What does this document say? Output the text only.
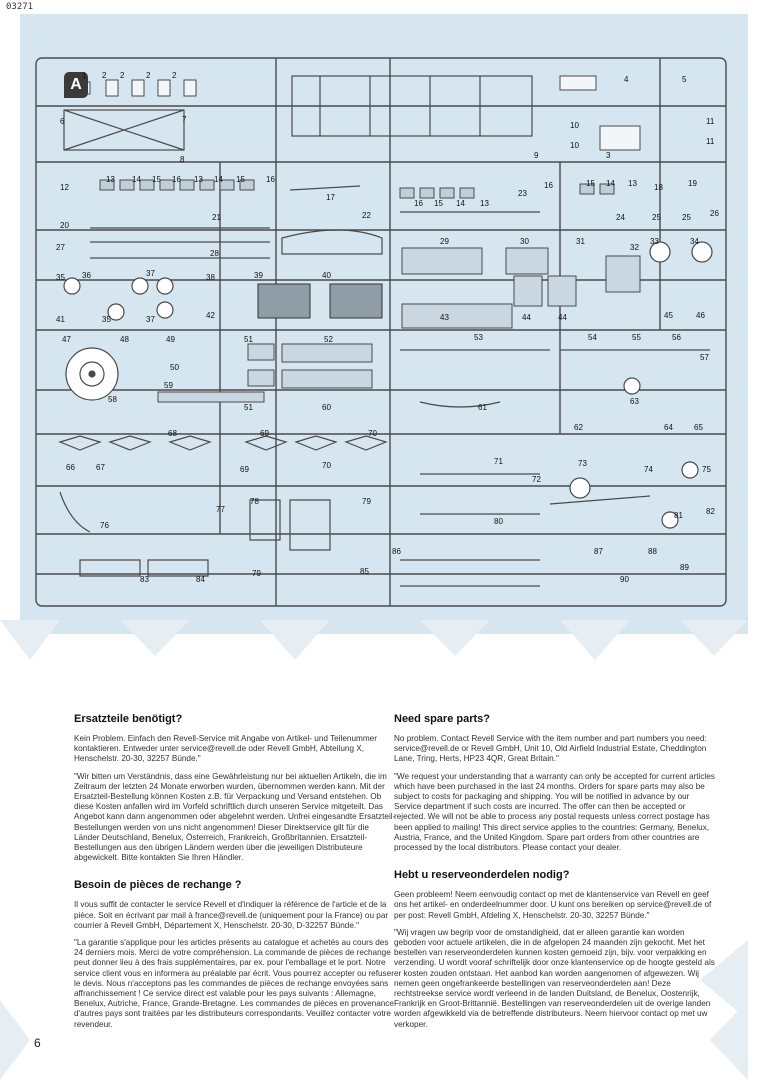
03271
A
1 2 2	2	2
6	7
8	9
10
10
3
4	5
11
11
12
13 14 15 16 13 14 15	16
17
18	19
16 15 14 13
23
16	15 14 13
24	25	25 26
20
21	22
27
28
29	30	31
32
33	34
35 36	37	38	39	40
41	35	37	42	43	44	44	45	46
47	48	49
50
51	52	53	54	55	56
57
58
59
51	60	61
62
63
64	65
66	67
68	69
69
70
70	71
72
73
74	75
76
77
78	79
80
81	82
83	84
79	85
86	87	88
89
90
Ersatzteile benötigt?
Kein Problem. Einfach den Revell-Service mit Angabe von Artikel- und Teilenummer kontaktieren. Entweder unter service@revell.de oder Revell GmbH, Abteilung X, Henschelstr. 20-30, 32257 Bünde."
"Wir bitten um Verständnis, dass eine Gewährleistung nur bei aktuellen Artikeln, die im Zeitraum der letzten 24 Monate erworben wurden, übernommen werden kann. Mit der Ersatzteil-Bestellung können Kosten z.B. für Verpackung und Versand entstehen. Ob diese Kosten anfallen wird im Vorfeld schriftlich durch unseren Service mitgeteilt. Das Angebot kann dann angenommen oder abgelehnt werden. Unfrei eingesandte Ersatzteil-Bestellungen werden von uns nicht angenommen! Dieser Direktservice gilt für die Länder Deutschland, Benelux, Österreich, Frankreich, Großbritannien. Ersatzteil-Bestellungen aus den übrigen Ländern werden über die jeweiligen Distributeure abgewickelt. Bitte kontakten Sie Ihren Händler.
Besoin de pièces de rechange ?
Il vous suffit de contacter le service Revell et d'indiquer la référence de l'article et de la pièce. Soit en écrivant par mail à france@revell.de (uniquement pour la France) ou par courrier à Revell GmbH, Département X, Henschelstr. 20-30, D-32257 Bünde."
"La garantie s'applique pour les articles présents au catalogue et achetés au cours des 24 derniers mois. Merci de votre compréhension. La commande de pièces de rechange peut donner lieu à des frais supplémentaires, par ex. pour l'emballage et le port. Notre service client vous en informera au préalable par écrit. Vous pourrez accepter ou refuser le devis. Nous n'acceptons pas les commandes de pièces de rechange envoyées sans affranchissement ! Ce service direct est valable pour les pays suivants : Allemagne, Benelux, Autriche, France, Grande-Bretagne. Les commandes de pièces en provenance d'autres pays sont traitées par les distributeurs correspondants. Veuillez contacter votre revendeur.
Need spare parts?
No problem. Contact Revell Service with the item number and part numbers you need: service@revell.de or Revell GmbH, Unit 10, Old Airfield Industrial Estate, Cheddington Lane, Tring, Herts, HP23 4QR, Great Britain."
"We request your understanding that a warranty can only be accepted for current articles which have been purchased in the last 24 months. Orders for spare parts may also be subject to costs for packaging and shipping. You will be notified in advance by our Service department if such costs are incurred. The offer can then be accepted or rejected. We will not be able to process any postal requests unless correct postage has been applied to mailing! This direct service applies to the countries: Germany, Benelux, Austria, France, and the United Kingdom. Spare part orders from other countries are processed by the local distributors. Please contact your dealer.
Hebt u reserveonderdelen nodig?
Geen probleem! Neem eenvoudig contact op met de klantenservice van Revell en geef ons het artikel- en onderdeelnummer door. U kunt ons bereiken op service@revell.de of per post: Revell GmbH, Afdeling X, Henschelstr. 20-30, 32257 Bünde."
"Wij vragen uw begrip voor de omstandigheid, dat er alleen garantie kan worden geboden voor actuele artikelen, die in de afgelopen 24 maanden zijn gekocht. Met het bestellen van reserveonderdelen kunnen kosten gemoeid zijn, bijv. voor verpakking en verzending. U wordt vooraf schriftelijk door onze klantenservice op de hoogte gesteld als er kosten zouden ontstaan. Het aanbod kan worden aangenomen of afgewezen. Wij nemen geen ongefrankeerde bestellingen van reserveonderdelen aan! Deze rechtstreekse service wordt verleend in de landen Duitsland, de Benelux, Oostenrijk, Frankrijk en Groot-Brittannië. Bestellingen van reserveonderdelen uit de overige landen worden afgewikkeld via de betreffende distributeurs. Neem hiervoor contact op met uw verkoper.
6
